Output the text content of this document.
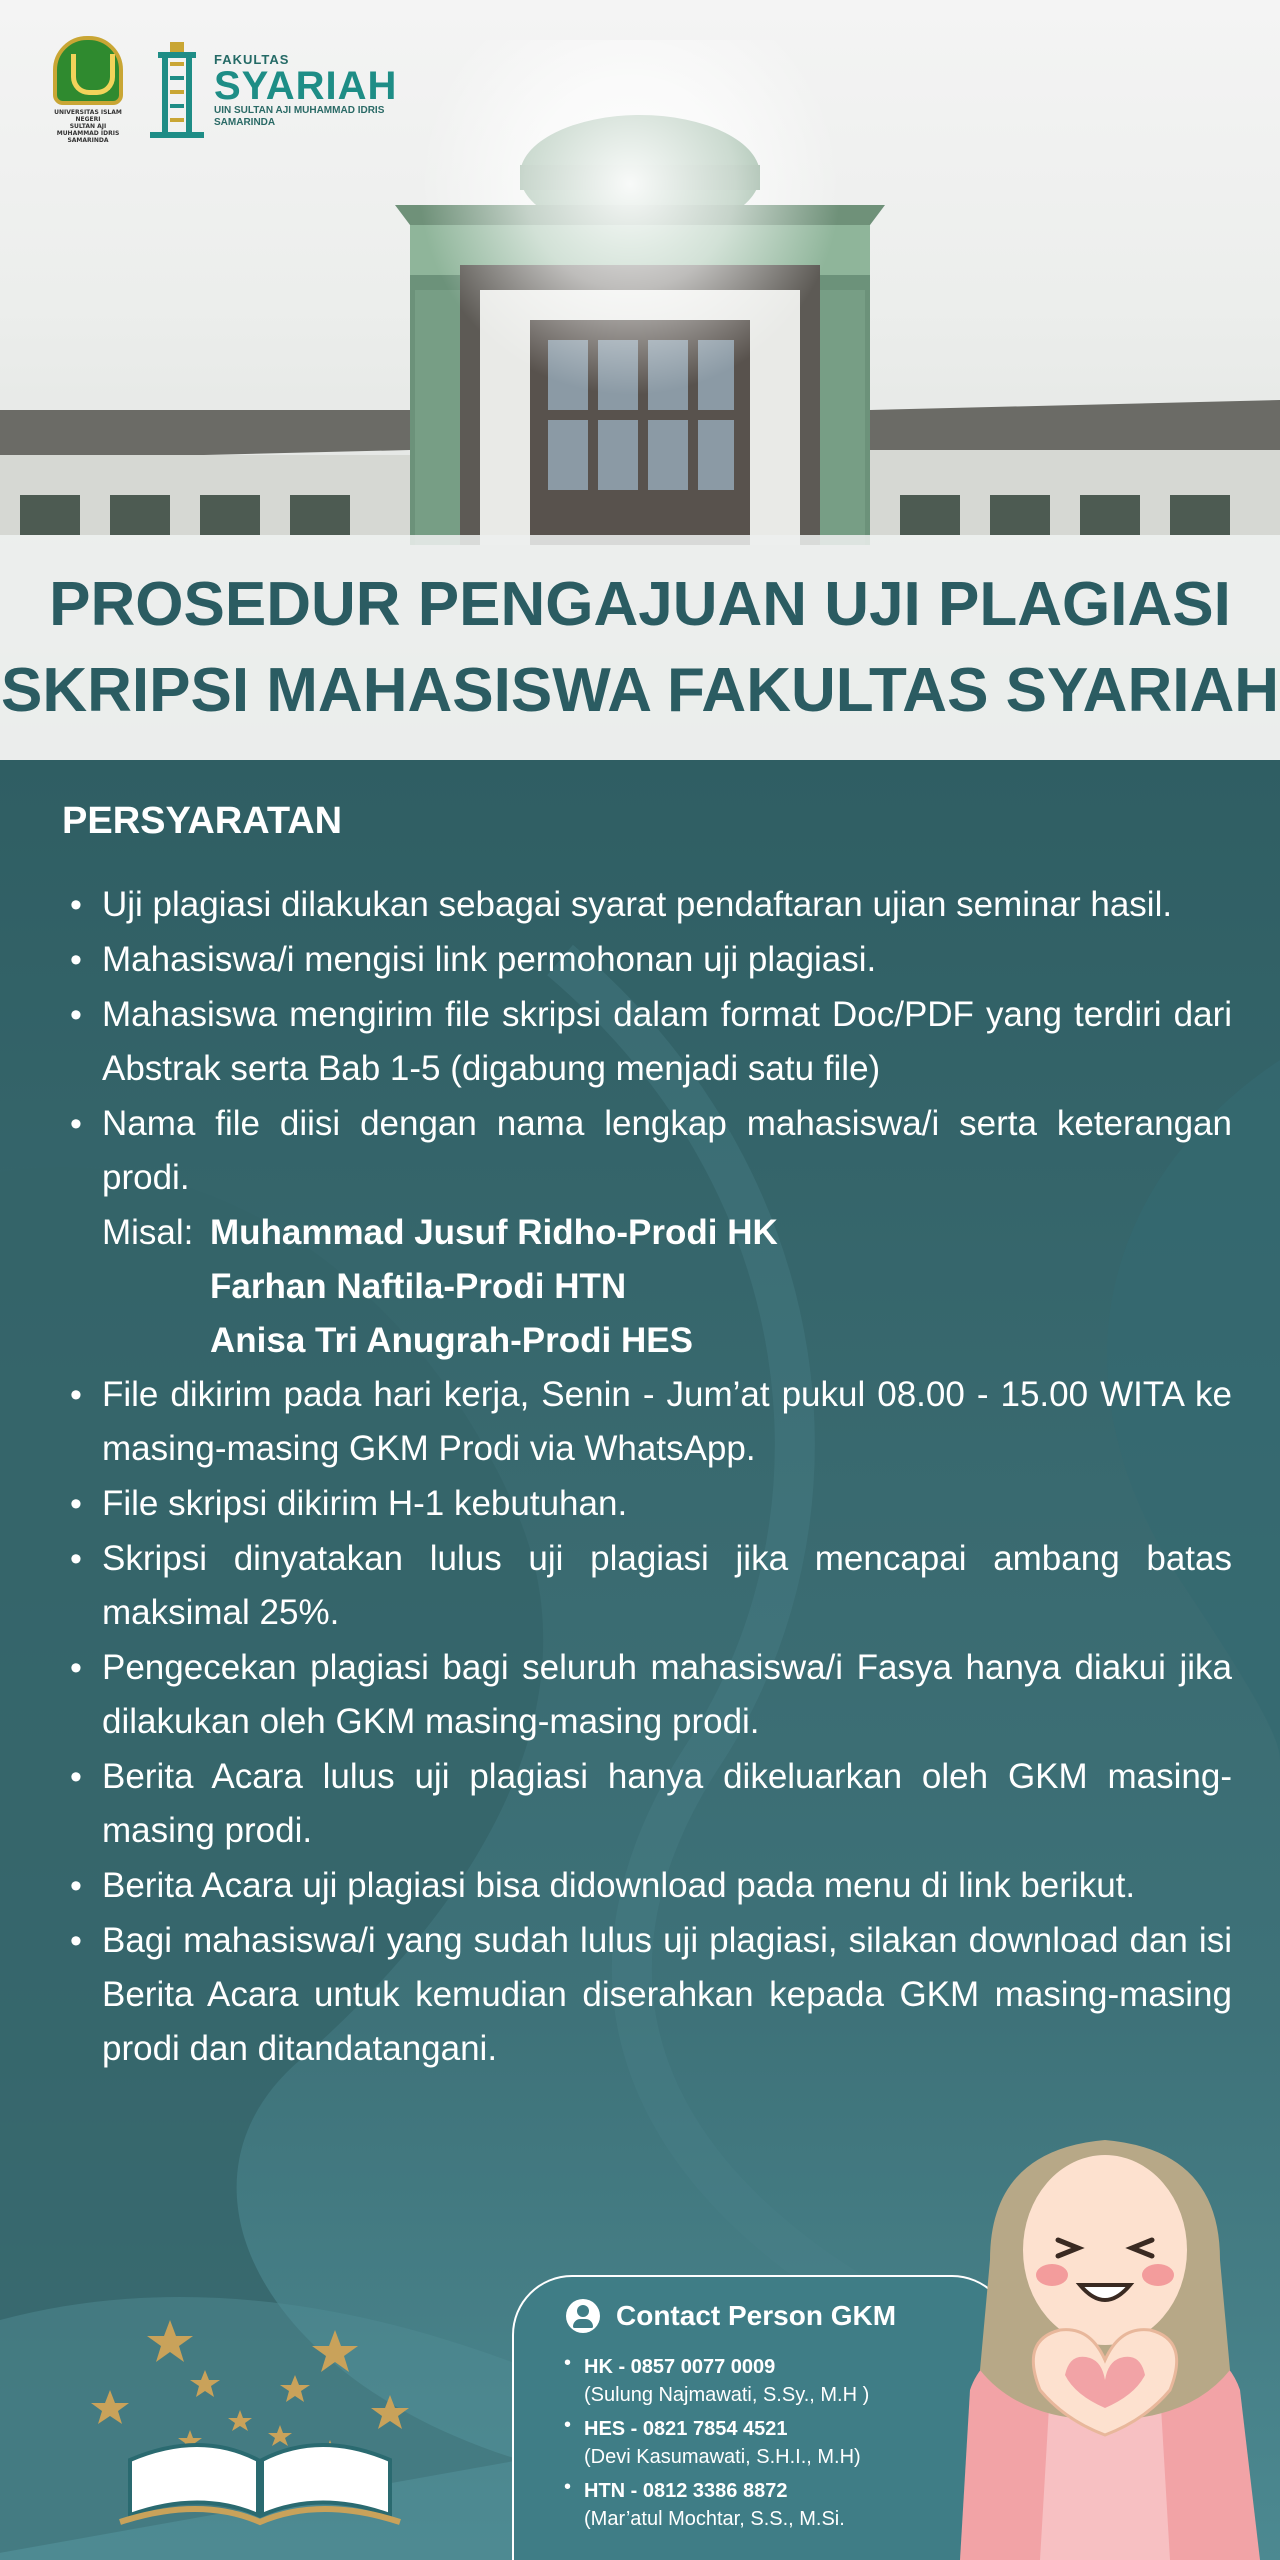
UNIVERSITAS ISLAM NEGERI
SULTAN AJI MUHAMMAD IDRIS
SAMARINDA
FAKULTAS
SYARIAH
UIN SULTAN AJI MUHAMMAD IDRIS
SAMARINDA
PROSEDUR PENGAJUAN UJI PLAGIASI
SKRIPSI MAHASISWA FAKULTAS SYARIAH
PERSYARATAN
• Uji plagiasi dilakukan sebagai syarat pendaftaran ujian seminar hasil.
• Mahasiswa/i mengisi link permohonan uji plagiasi.
• Mahasiswa mengirim file skripsi dalam format Doc/PDF yang terdiri dari Abstrak serta Bab 1-5 (digabung menjadi satu file)
• Nama file diisi dengan nama lengkap mahasiswa/i serta keterangan prodi.
Misal: Muhammad Jusuf Ridho-Prodi HK
Farhan Naftila-Prodi HTN
Anisa Tri Anugrah-Prodi HES
• File dikirim pada hari kerja, Senin - Jum’at pukul 08.00 - 15.00 WITA ke masing-masing GKM Prodi via WhatsApp.
• File skripsi dikirim H-1 kebutuhan.
• Skripsi dinyatakan lulus uji plagiasi jika mencapai ambang batas maksimal 25%.
• Pengecekan plagiasi bagi seluruh mahasiswa/i Fasya hanya diakui jika dilakukan oleh GKM masing-masing prodi.
• Berita Acara lulus uji plagiasi hanya dikeluarkan oleh GKM masing-masing prodi.
• Berita Acara uji plagiasi bisa didownload pada menu di link berikut.
• Bagi mahasiswa/i yang sudah lulus uji plagiasi, silakan download dan isi Berita Acara untuk kemudian diserahkan kepada GKM masing-masing prodi dan ditandatangani.
Contact Person GKM
• HK - 0857 0077 0009
(Sulung Najmawati, S.Sy., M.H )
• HES - 0821 7854 4521
(Devi Kasumawati, S.H.I., M.H)
• HTN - 0812 3386 8872
(Mar’atul Mochtar, S.S., M.Si.
